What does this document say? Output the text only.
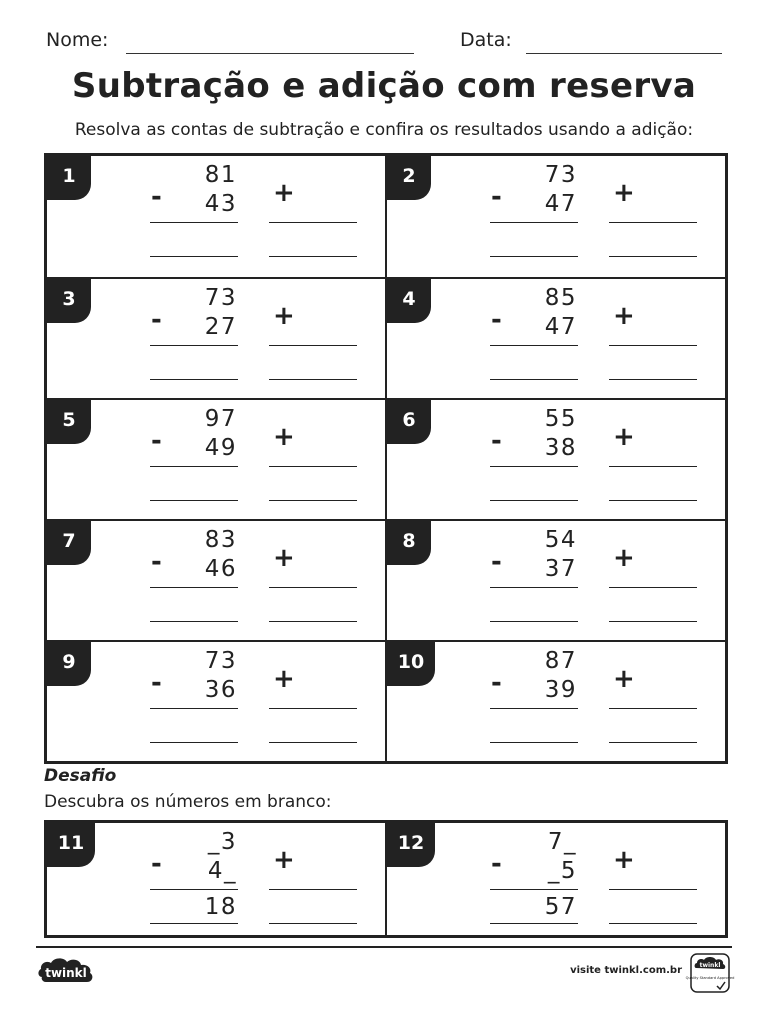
Nome:	Data:
Subtração e adição com reserva
Resolva as contas de subtração e confira os resultados usando a adição:
1	81
-	43 +
2	73
-	47 +
3	73
-	27 +
4	85
-	47 +
5	97
-	49 +
6	55
-	38 +
7	83
-	46 +
8	54
-	37 +
9	73
-	36 +
10	87
-	39 +
Desafio
Descubra os números em branco:
11	_3
-	4_ +
18
12	7_
-	_5 +
57
twinkl	visite twinkl.com.br	twinkl
Quality Standard Approved
